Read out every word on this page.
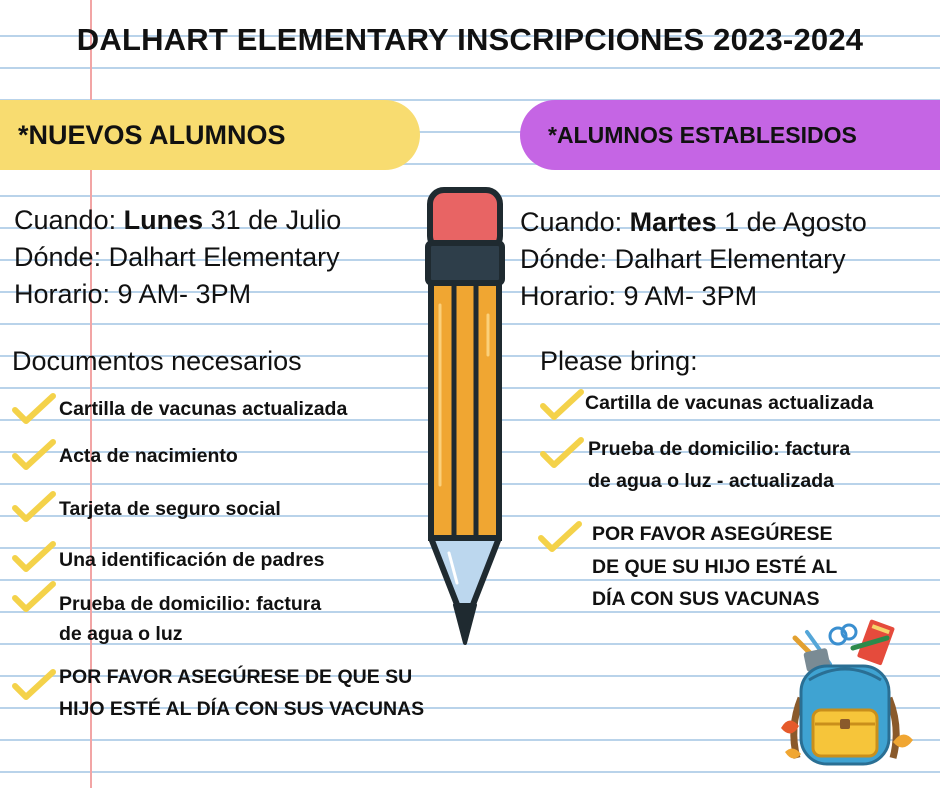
DALHART ELEMENTARY INSCRIPCIONES 2023-2024
*NUEVOS ALUMNOS	*ALUMNOS ESTABLESIDOS
Cuando: Lunes 31 de Julio
Dónde: Dalhart Elementary
Horario: 9 AM- 3PM
Cuando: Martes 1 de Agosto
Dónde: Dalhart Elementary
Horario: 9 AM- 3PM
Documentos necesarios	Please bring:
Cartilla de vacunas actualizada
Acta de nacimiento
Tarjeta de seguro social
Una identificación de padres
Prueba de domicilio: factura
de agua o luz
POR FAVOR ASEGÚRESE DE QUE SU
HIJO ESTÉ AL DÍA CON SUS VACUNAS
Cartilla de vacunas actualizada
Prueba de domicilio: factura
de agua o luz - actualizada
POR FAVOR ASEGÚRESE
DE QUE SU HIJO ESTÉ AL
DÍA CON SUS VACUNAS
